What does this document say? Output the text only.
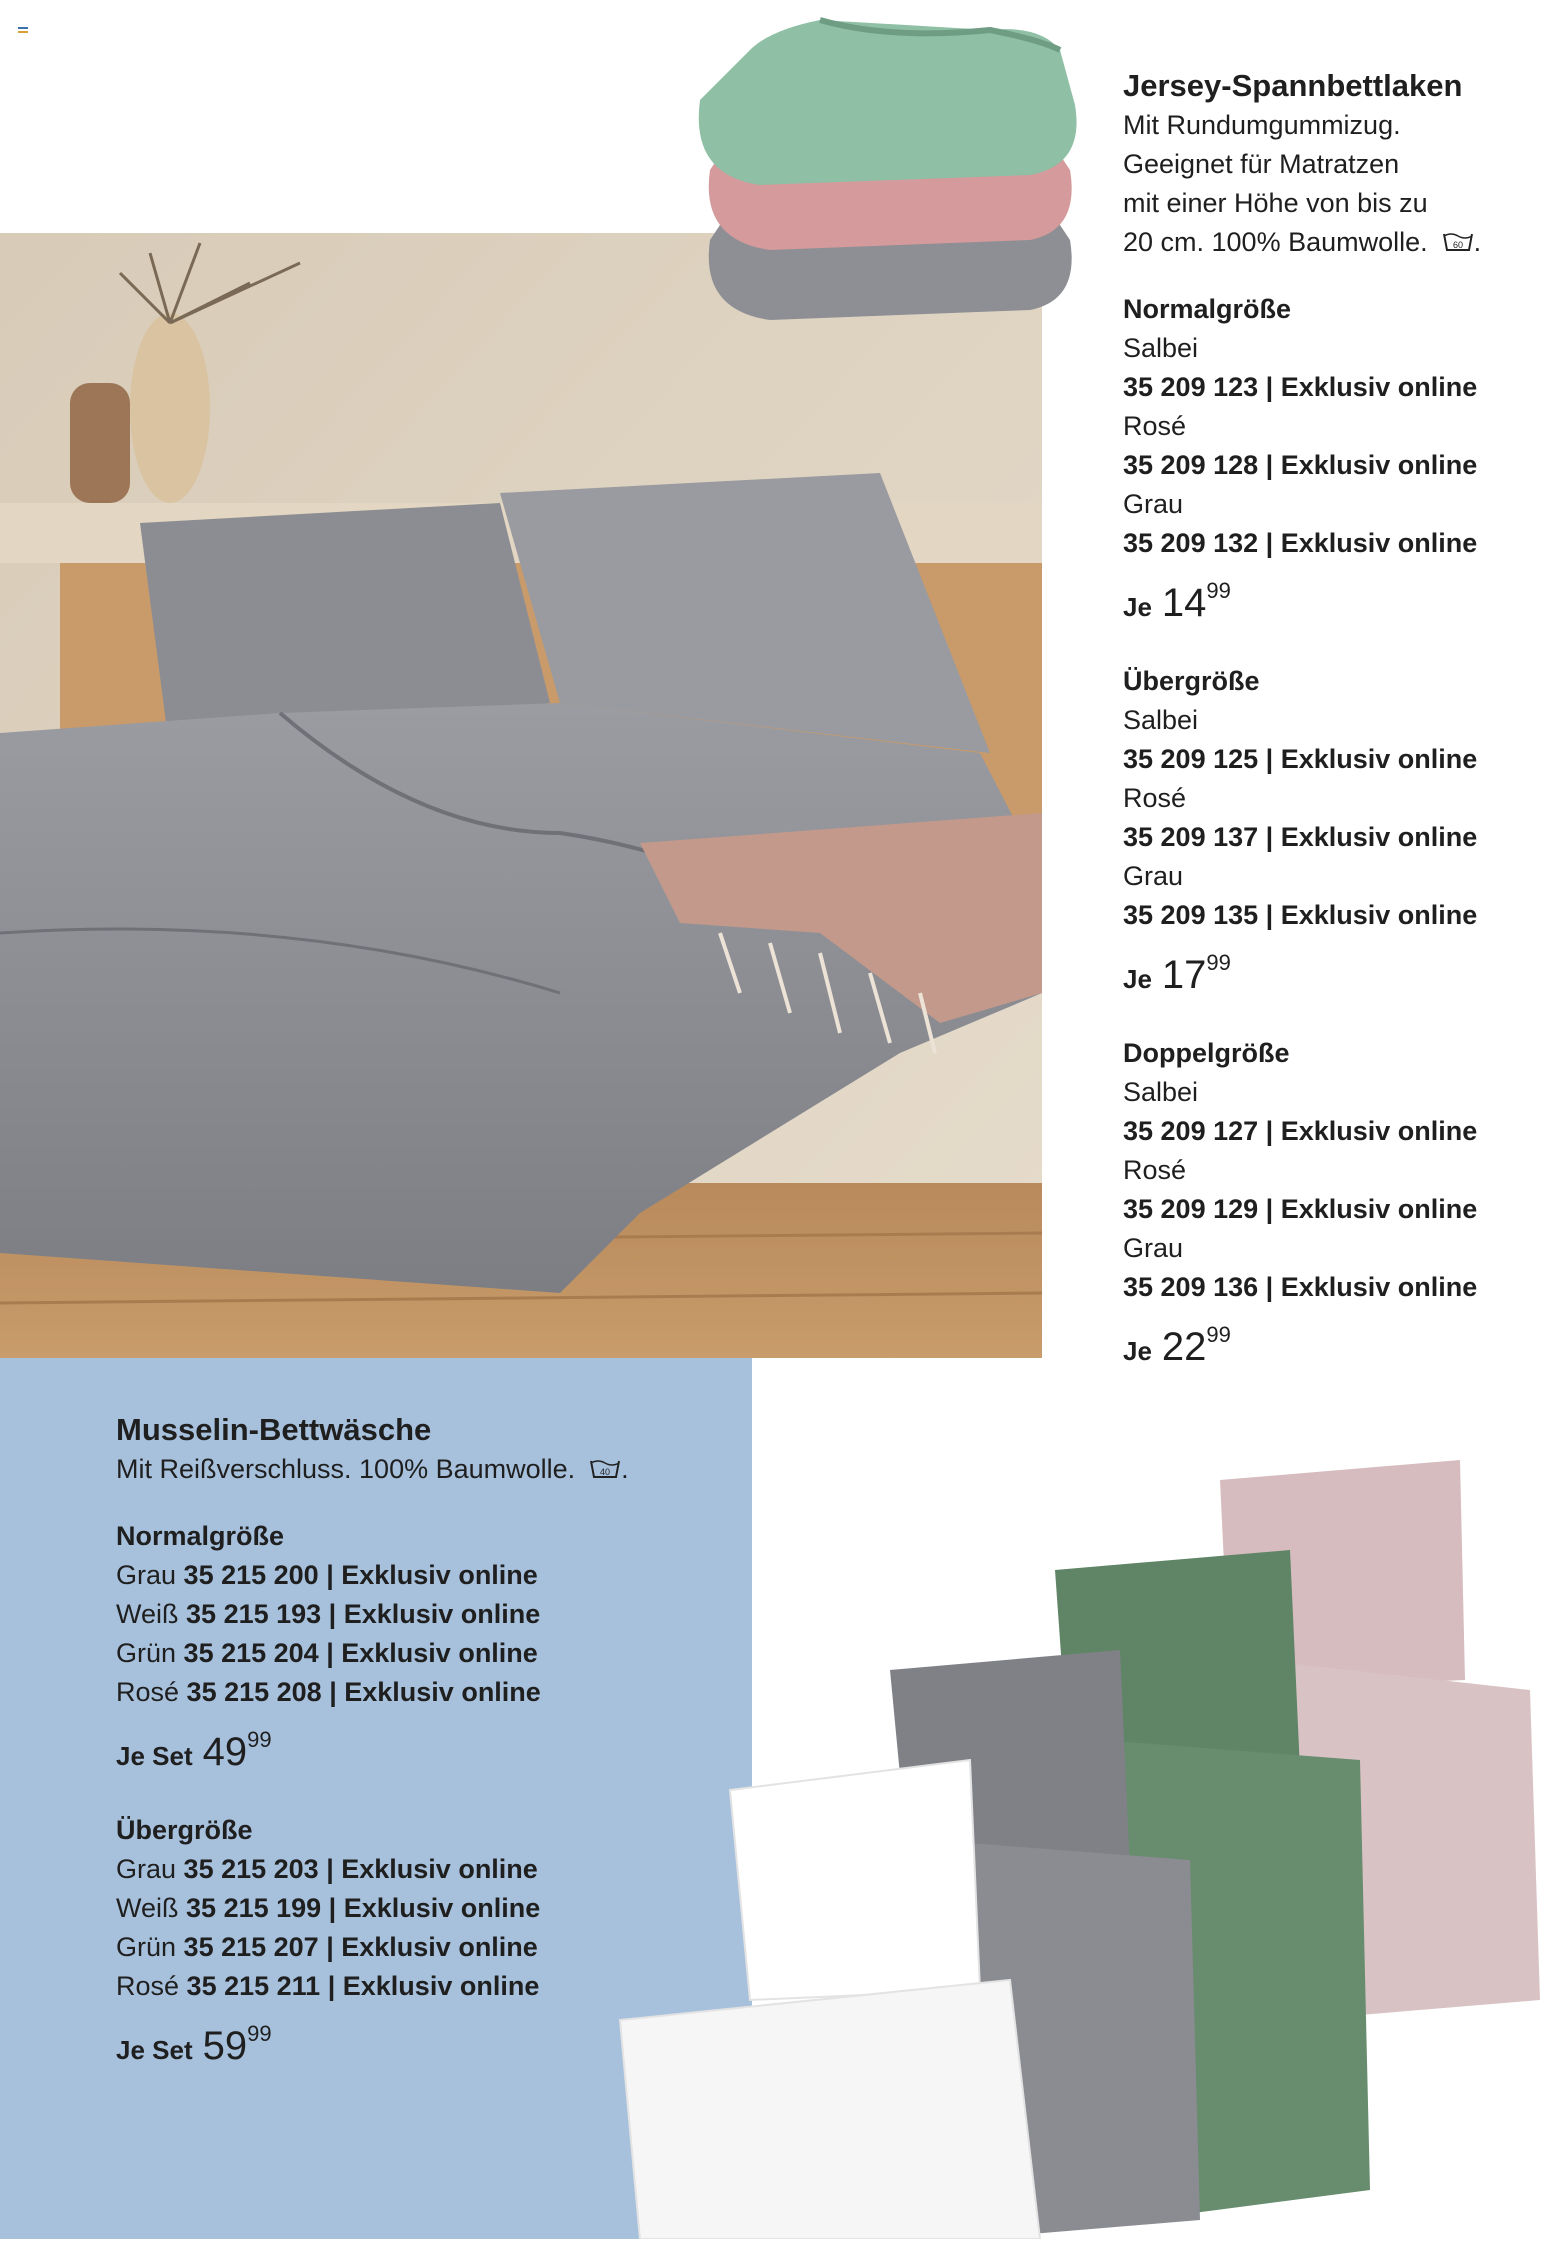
Jersey-Spannbettlaken
Mit Rundumgummizug.
Geeignet für Matratzen
mit einer Höhe von bis zu
20 cm. 100% Baumwolle.	60 .
Normalgröße
Salbei
35 209 123 | Exklusiv online
Rosé
35 209 128 | Exklusiv online
Grau
35 209 132 | Exklusiv online
Je 1499
Übergröße
Salbei
35 209 125 | Exklusiv online
Rosé
35 209 137 | Exklusiv online
Grau
35 209 135 | Exklusiv online
Je 1799
Doppelgröße
Salbei
35 209 127 | Exklusiv online
Rosé
35 209 129 | Exklusiv online
Grau
35 209 136 | Exklusiv online
Je 2299
Musselin-Bettwäsche
Mit Reißverschluss. 100% Baumwolle.	40 .
Normalgröße
Grau 35 215 200 | Exklusiv online
Weiß 35 215 193 | Exklusiv online
Grün 35 215 204 | Exklusiv online
Rosé 35 215 208 | Exklusiv online
Je Set 4999
Übergröße
Grau 35 215 203 | Exklusiv online
Weiß 35 215 199 | Exklusiv online
Grün 35 215 207 | Exklusiv online
Rosé 35 215 211 | Exklusiv online
Je Set 5999
